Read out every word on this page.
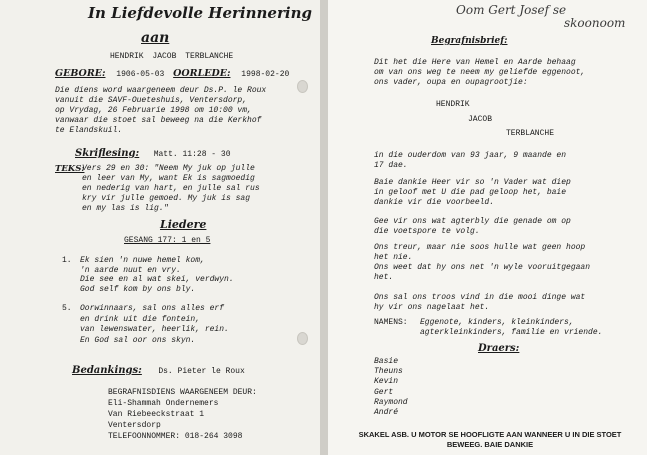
In Liefdevolle Herinnering
aan
HENDRIK JACOB TERBLANCHE
GEBORE: 1906-05-03 OORLEDE: 1998-02-20
Die diens word waargeneem deur Ds.P. le Roux
vanuit die SAVF-Oueteshuis, Ventersdorp,
op Vrydag, 26 Februarie 1998 om 10:00 vm,
vanwaar die stoet sal beweeg na die Kerkhof
te Elandskuil.
Skriflesing: Matt. 11:28 - 30
TEKS:
Vers 29 en 30: "Neem My juk op julle
en leer van My, want Ek is sagmoedig
en nederig van hart, en julle sal rus
kry vir julle gemoed. My juk is sag
en my las is lig."
Liedere
GESANG 177: 1 en 5
1. Ek sien 'n nuwe hemel kom,
'n aarde nuut en vry.
Die see en al wat skei, verdwyn.
God self kom by ons bly.
5. Oorwinnaars, sal ons alles erf
en drink uit die fontein,
van lewenswater, heerlik, rein.
En God sal oor ons skyn.
Bedankings: Ds. Pieter le Roux
BEGRAFNISDIENS WAARGENEEM DEUR:
Eli-Shammah Ondernemers
Van Riebeeckstraat 1
Ventersdorp
TELEFOONNOMMER: 018-264 3098
Oom Gert Josef se
skoonoom
Begrafnisbrief:
Dit het die Here van Hemel en Aarde behaag
om van ons weg te neem my geliefde eggenoot,
ons vader, oupa en oupagrootjie:
HENDRIK
JACOB
TERBLANCHE
in die ouderdom van 93 jaar, 9 maande en
17 dae.
Baie dankie Heer vir so 'n Vader wat diep
in geloof met U die pad geloop het, baie
dankie vir die voorbeeld.
Gee vir ons wat agterbly die genade om op
die voetspore te volg.
Ons treur, maar nie soos hulle wat geen hoop
het nie.
Ons weet dat hy ons net 'n wyle vooruitgegaan
het.
Ons sal ons troos vind in die mooi dinge wat
hy vir ons nagelaat het.
NAMENS: Eggenote, kinders, kleinkinders,
agterkleinkinders, familie en vriende.
Draers:
Basie
Theuns
Kevin
Gert
Raymond
André
SKAKEL ASB. U MOTOR SE HOOFLIGTE AAN WANNEER U IN DIE STOET
BEWEEG. BAIE DANKIE
